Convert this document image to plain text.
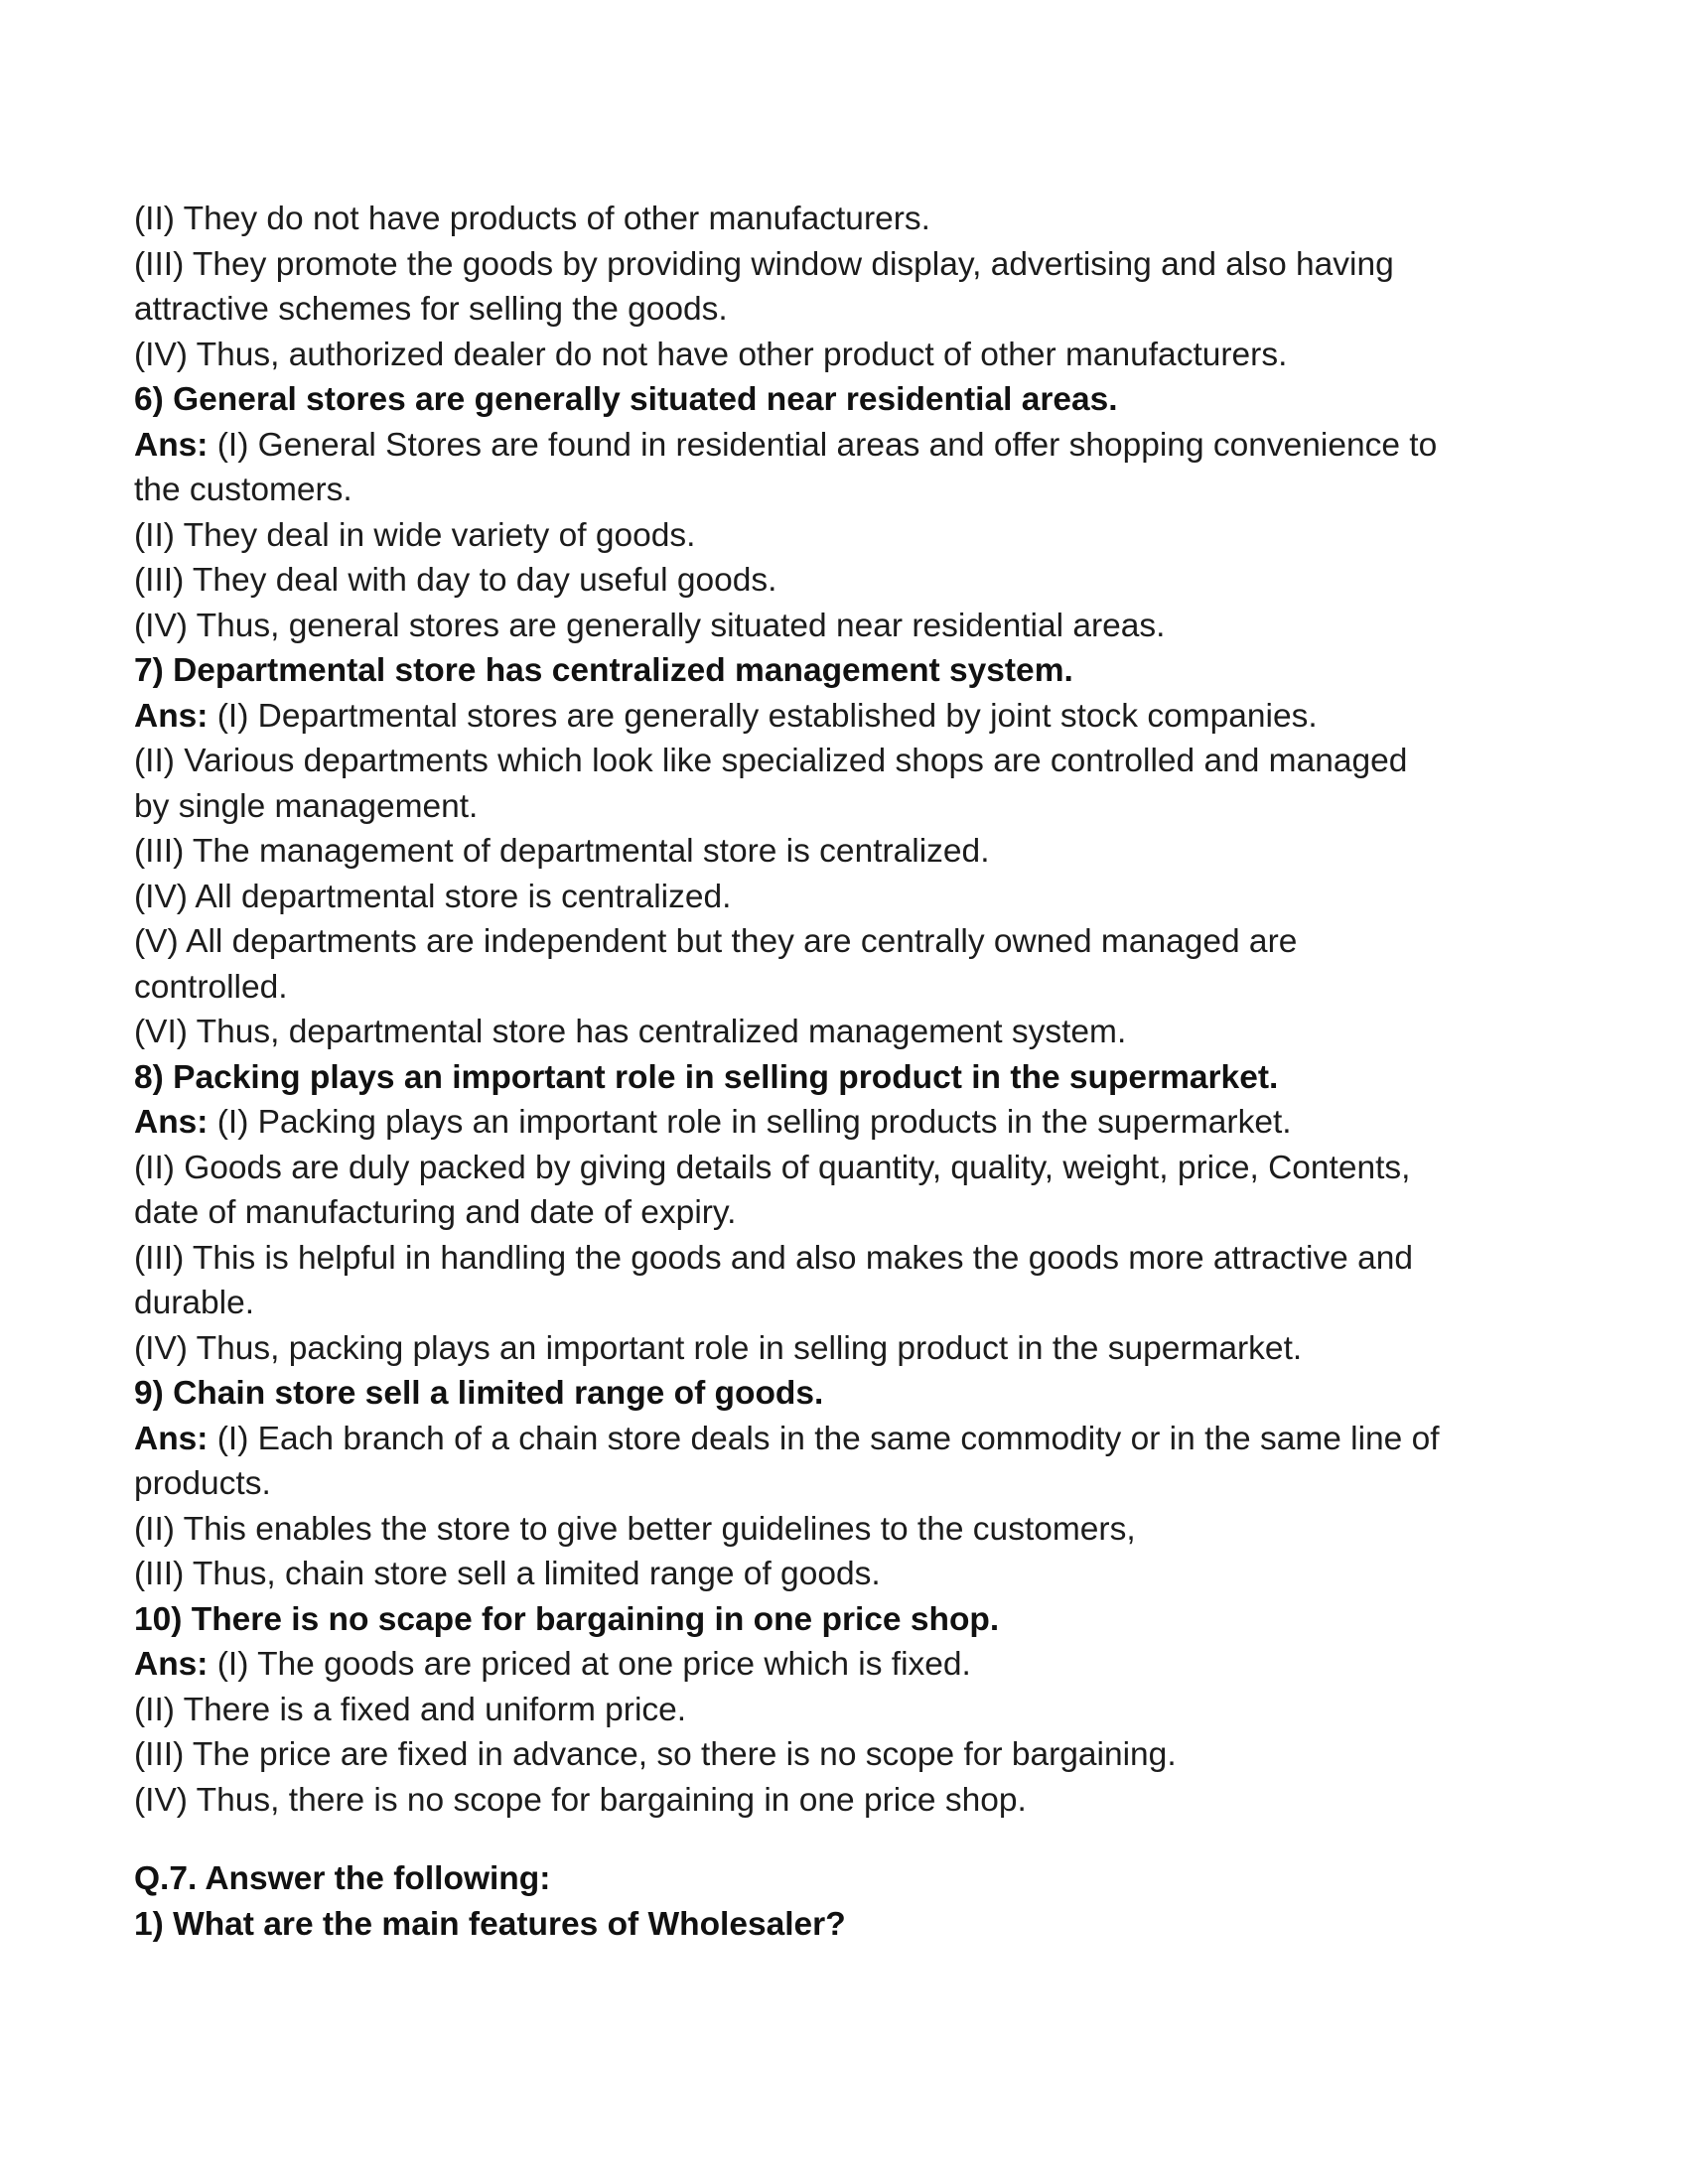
(II) They do not have products of other manufacturers.
(III) They promote the goods by providing window display, advertising and also having
attractive schemes for selling the goods.
(IV) Thus, authorized dealer do not have other product of other manufacturers.
6) General stores are generally situated near residential areas.
Ans: (I) General Stores are found in residential areas and offer shopping convenience to
the customers.
(II) They deal in wide variety of goods.
(III) They deal with day to day useful goods.
(IV) Thus, general stores are generally situated near residential areas.
7) Departmental store has centralized management system.
Ans: (I) Departmental stores are generally established by joint stock companies.
(II) Various departments which look like specialized shops are controlled and managed
by single management.
(III) The management of departmental store is centralized.
(IV) All departmental store is centralized.
(V) All departments are independent but they are centrally owned managed are
controlled.
(VI) Thus, departmental store has centralized management system.
8) Packing plays an important role in selling product in the supermarket.
Ans: (I) Packing plays an important role in selling products in the supermarket.
(II) Goods are duly packed by giving details of quantity, quality, weight, price, Contents,
date of manufacturing and date of expiry.
(III) This is helpful in handling the goods and also makes the goods more attractive and
durable.
(IV) Thus, packing plays an important role in selling product in the supermarket.
9) Chain store sell a limited range of goods.
Ans: (I) Each branch of a chain store deals in the same commodity or in the same line of
products.
(II) This enables the store to give better guidelines to the customers,
(III) Thus, chain store sell a limited range of goods.
10) There is no scape for bargaining in one price shop.
Ans: (I) The goods are priced at one price which is fixed.
(II) There is a fixed and uniform price.
(III) The price are fixed in advance, so there is no scope for bargaining.
(IV) Thus, there is no scope for bargaining in one price shop.
Q.7. Answer the following:
1) What are the main features of Wholesaler?
